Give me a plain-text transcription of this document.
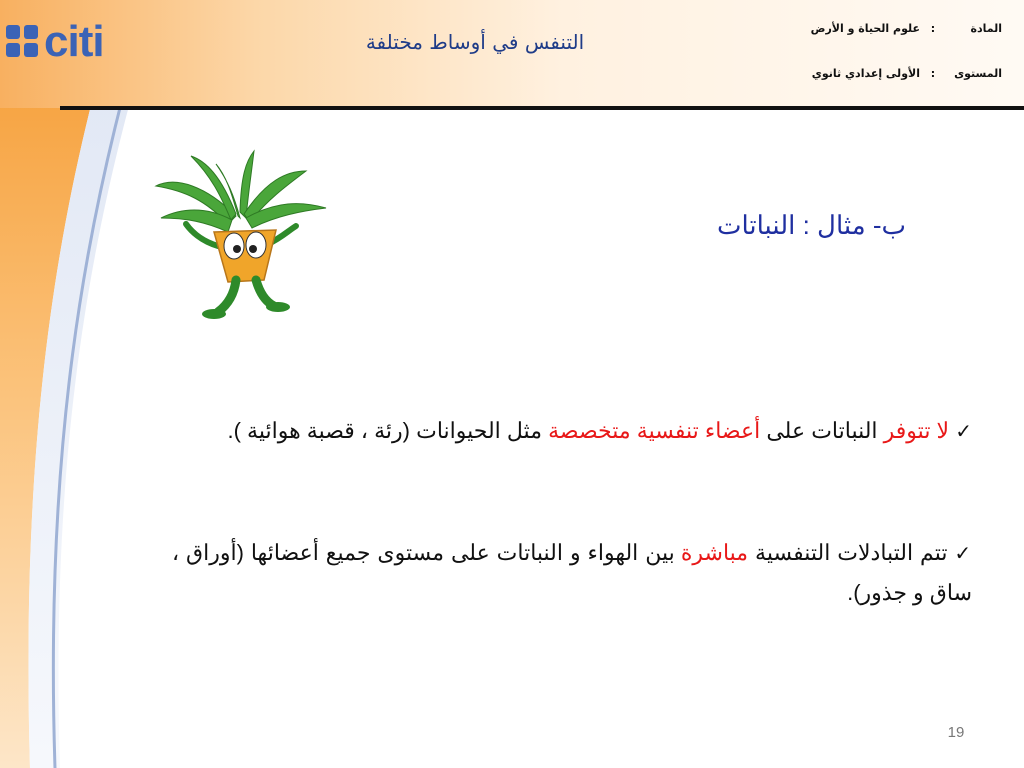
citi	التنفس في أوساط مختلفة
المادة:علوم الحياة و الأرض
المستوى:الأولى إعدادي ثانوي
ب- مثال : النباتات
✓ لا تتوفر النباتات على أعضاء تنفسية متخصصة مثل الحيوانات (رئة ، قصبة هوائية ).
✓ تتم التبادلات التنفسية مباشرة بين الهواء و النباتات على مستوى جميع أعضائها (أوراق ، ساق و جذور).
19
